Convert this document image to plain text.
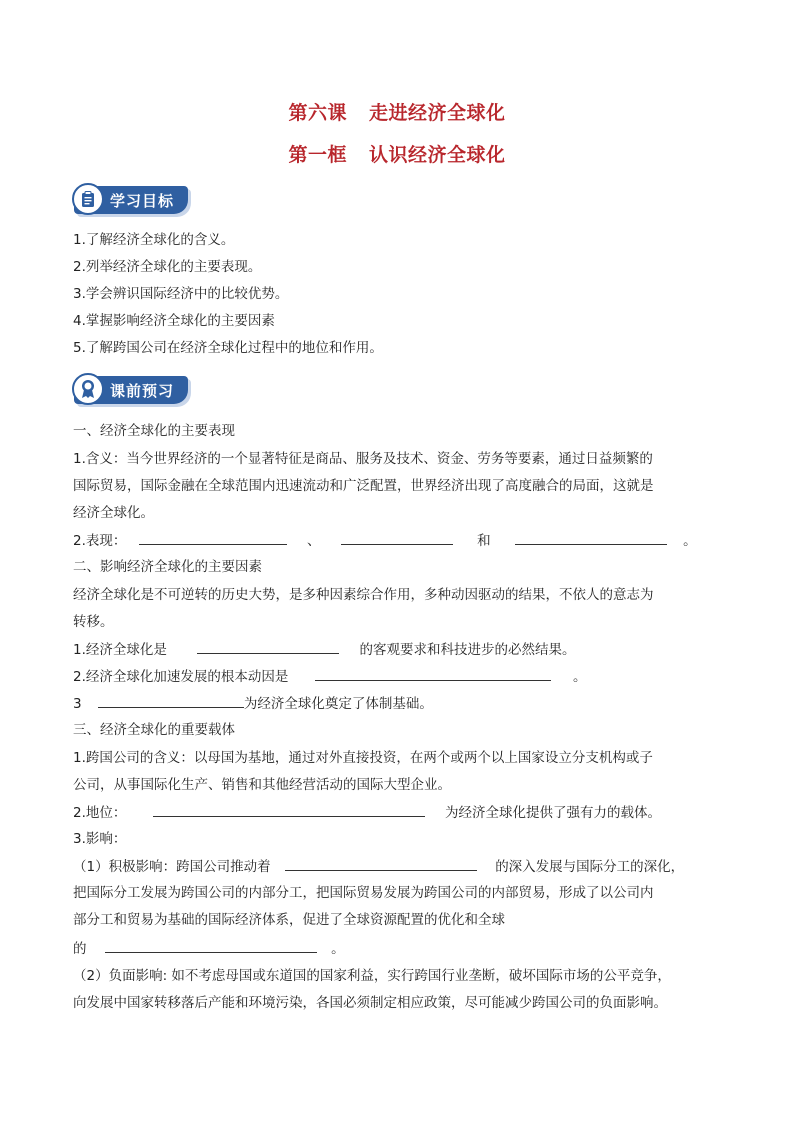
第六课 走进经济全球化
第一框 认识经济全球化
学习目标
1.了解经济全球化的含义。
2.列举经济全球化的主要表现。
3.学会辨识国际经济中的比较优势。
4.掌握影响经济全球化的主要因素
5.了解跨国公司在经济全球化过程中的地位和作用。
课前预习
一、经济全球化的主要表现
1.含义：当今世界经济的一个显著特征是商品、服务及技术、资金、劳务等要素，通过日益频繁的
国际贸易，国际金融在全球范围内迅速流动和广泛配置，世界经济出现了高度融合的局面，这就是
经济全球化。
2.表现：	、	和	。
二、影响经济全球化的主要因素
经济全球化是不可逆转的历史大势，是多种因素综合作用，多种动因驱动的结果，不依人的意志为
转移。
1.经济全球化是	的客观要求和科技进步的必然结果。
2.经济全球化加速发展的根本动因是	。
3	为经济全球化奠定了体制基础。
三、经济全球化的重要载体
1.跨国公司的含义：以母国为基地，通过对外直接投资，在两个或两个以上国家设立分支机构或子
公司，从事国际化生产、销售和其他经营活动的国际大型企业。
2.地位：	为经济全球化提供了强有力的载体。
3.影响：
（1）积极影响：跨国公司推动着	的深入发展与国际分工的深化，
把国际分工发展为跨国公司的内部分工，把国际贸易发展为跨国公司的内部贸易，形成了以公司内
部分工和贸易为基础的国际经济体系，促进了全球资源配置的优化和全球
的	。
（2）负面影响: 如不考虑母国或东道国的国家利益，实行跨国行业垄断，破坏国际市场的公平竞争，
向发展中国家转移落后产能和环境污染，各国必须制定相应政策，尽可能减少跨国公司的负面影响。
